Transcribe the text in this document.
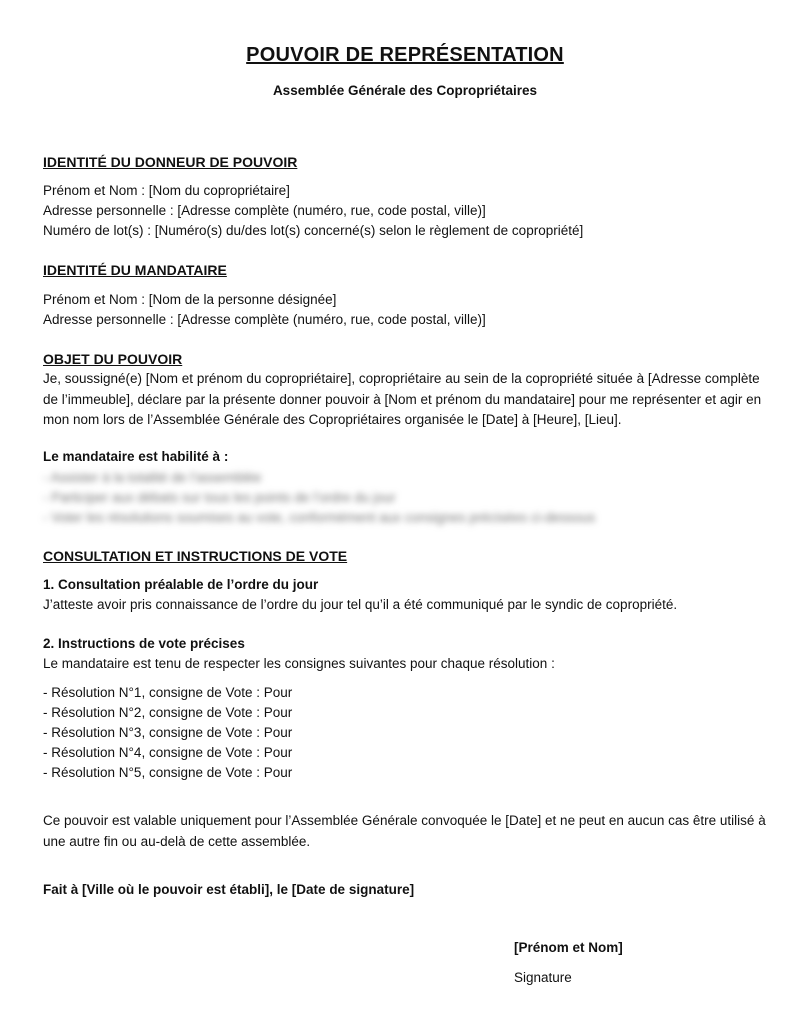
POUVOIR DE REPRÉSENTATION
Assemblée Générale des Copropriétaires
IDENTITÉ DU DONNEUR DE POUVOIR
Prénom et Nom : [Nom du copropriétaire]
Adresse personnelle : [Adresse complète (numéro, rue, code postal, ville)]
Numéro de lot(s) : [Numéro(s) du/des lot(s) concerné(s) selon le règlement de copropriété]
IDENTITÉ DU MANDATAIRE
Prénom et Nom : [Nom de la personne désignée]
Adresse personnelle : [Adresse complète (numéro, rue, code postal, ville)]
OBJET DU POUVOIR
Je, soussigné(e) [Nom et prénom du copropriétaire], copropriétaire au sein de la copropriété située à [Adresse complète de l’immeuble], déclare par la présente donner pouvoir à [Nom et prénom du mandataire] pour me représenter et agir en mon nom lors de l’Assemblée Générale des Copropriétaires organisée le [Date] à [Heure], [Lieu].
Le mandataire est habilité à :
- Assister à la totalité de l’assemblée
- Participer aux débats sur tous les points de l’ordre du jour
- Voter les résolutions soumises au vote, conformément aux consignes précisées ci-dessous
CONSULTATION ET INSTRUCTIONS DE VOTE
1. Consultation préalable de l’ordre du jour
J’atteste avoir pris connaissance de l’ordre du jour tel qu’il a été communiqué par le syndic de copropriété.
2. Instructions de vote précises
Le mandataire est tenu de respecter les consignes suivantes pour chaque résolution :
- Résolution N°1, consigne de Vote : Pour
- Résolution N°2, consigne de Vote : Pour
- Résolution N°3, consigne de Vote : Pour
- Résolution N°4, consigne de Vote : Pour
- Résolution N°5, consigne de Vote : Pour
Ce pouvoir est valable uniquement pour l’Assemblée Générale convoquée le [Date] et ne peut en aucun cas être utilisé à une autre fin ou au-delà de cette assemblée.
Fait à [Ville où le pouvoir est établi], le [Date de signature]
[Prénom et Nom]
Signature
